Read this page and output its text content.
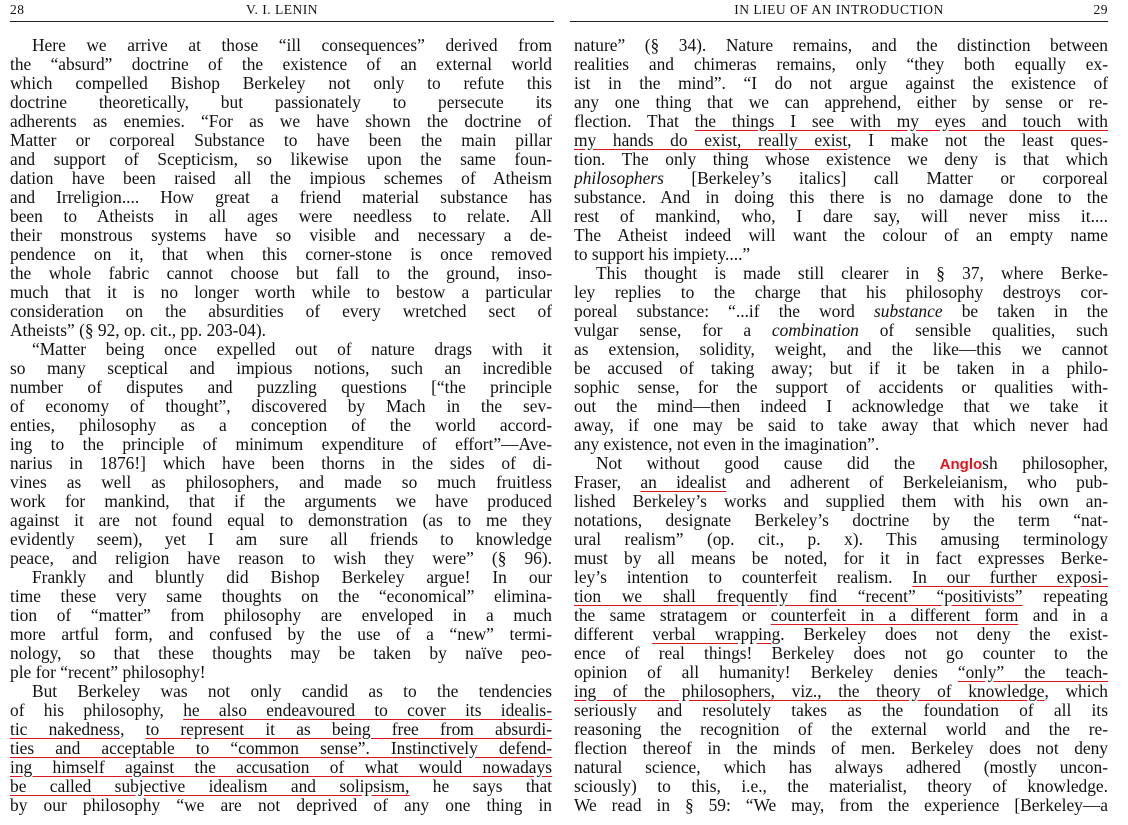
28	V. I. LENIN
Here we arrive at those “ill consequences” derived from
the “absurd” doctrine of the existence of an external world
which compelled Bishop Berkeley not only to refute this
doctrine theoretically, but passionately to persecute its
adherents as enemies. “For as we have shown the doctrine of
Matter or corporeal Substance to have been the main pillar
and support of Scepticism, so likewise upon the same foun-
dation have been raised all the impious schemes of Atheism
and Irreligion.... How great a friend material substance has
been to Atheists in all ages were needless to relate. All
their monstrous systems have so visible and necessary a de-
pendence on it, that when this corner-stone is once removed
the whole fabric cannot choose but fall to the ground, inso-
much that it is no longer worth while to bestow a particular
consideration on the absurdities of every wretched sect of
Atheists” (§ 92, op. cit., pp. 203-04).
“Matter being once expelled out of nature drags with it
so many sceptical and impious notions, such an incredible
number of disputes and puzzling questions [“the principle
of economy of thought”, discovered by Mach in the sev-
enties, philosophy as a conception of the world accord-
ing to the principle of minimum expenditure of effort”—Ave-
narius in 1876!] which have been thorns in the sides of di-
vines as well as philosophers, and made so much fruitless
work for mankind, that if the arguments we have produced
against it are not found equal to demonstration (as to me they
evidently seem), yet I am sure all friends to knowledge
peace, and religion have reason to wish they were” (§ 96).
Frankly and bluntly did Bishop Berkeley argue! In our
time these very same thoughts on the “economical” elimina-
tion of “matter” from philosophy are enveloped in a much
more artful form, and confused by the use of a “new” termi-
nology, so that these thoughts may be taken by naïve peo-
ple for “recent” philosophy!
But Berkeley was not only candid as to the tendencies
of his philosophy, he also endeavoured to cover its idealis-
tic nakedness, to represent it as being free from absurdi-
ties and acceptable to “common sense”. Instinctively defend-
ing himself against the accusation of what would nowadays
be called subjective idealism and solipsism, he says that
by our philosophy “we are not deprived of any one thing in
IN LIEU OF AN INTRODUCTION	29
nature” (§ 34). Nature remains, and the distinction between
realities and chimeras remains, only “they both equally ex-
ist in the mind”. “I do not argue against the existence of
any one thing that we can apprehend, either by sense or re-
flection. That the things I see with my eyes and touch with
my hands do exist, really exist, I make not the least ques-
tion. The only thing whose existence we deny is that which
philosophers [Berkeley’s italics] call Matter or corporeal
substance. And in doing this there is no damage done to the
rest of mankind, who, I dare say, will never miss it....
The Atheist indeed will want the colour of an empty name
to support his impiety....”
This thought is made still clearer in § 37, where Berke-
ley replies to the charge that his philosophy destroys cor-
poreal substance: “...if the word substance be taken in the
vulgar sense, for a combination of sensible qualities, such
as extension, solidity, weight, and the like—this we cannot
be accused of taking away; but if it be taken in a philo-
sophic sense, for the support of accidents or qualities with-
out the mind—then indeed I acknowledge that we take it
away, if one may be said to take away that which never had
any existence, not even in the imagination”.
Not without good cause did the Anglosh philosopher,
Fraser, an idealist and adherent of Berkeleianism, who pub-
lished Berkeley’s works and supplied them with his own an-
notations, designate Berkeley’s doctrine by the term “nat-
ural realism” (op. cit., p. x). This amusing terminology
must by all means be noted, for it in fact expresses Berke-
ley’s intention to counterfeit realism. In our further exposi-
tion we shall frequently find “recent” “positivists” repeating
the same stratagem or counterfeit in a different form and in a
different verbal wrapping. Berkeley does not deny the exist-
ence of real things! Berkeley does not go counter to the
opinion of all humanity! Berkeley denies “only” the teach-
ing of the philosophers, viz., the theory of knowledge, which
seriously and resolutely takes as the foundation of all its
reasoning the recognition of the external world and the re-
flection thereof in the minds of men. Berkeley does not deny
natural science, which has always adhered (mostly uncon-
sciously) to this, i.e., the materialist, theory of knowledge.
We read in § 59: “We may, from the experience [Berkeley—a
